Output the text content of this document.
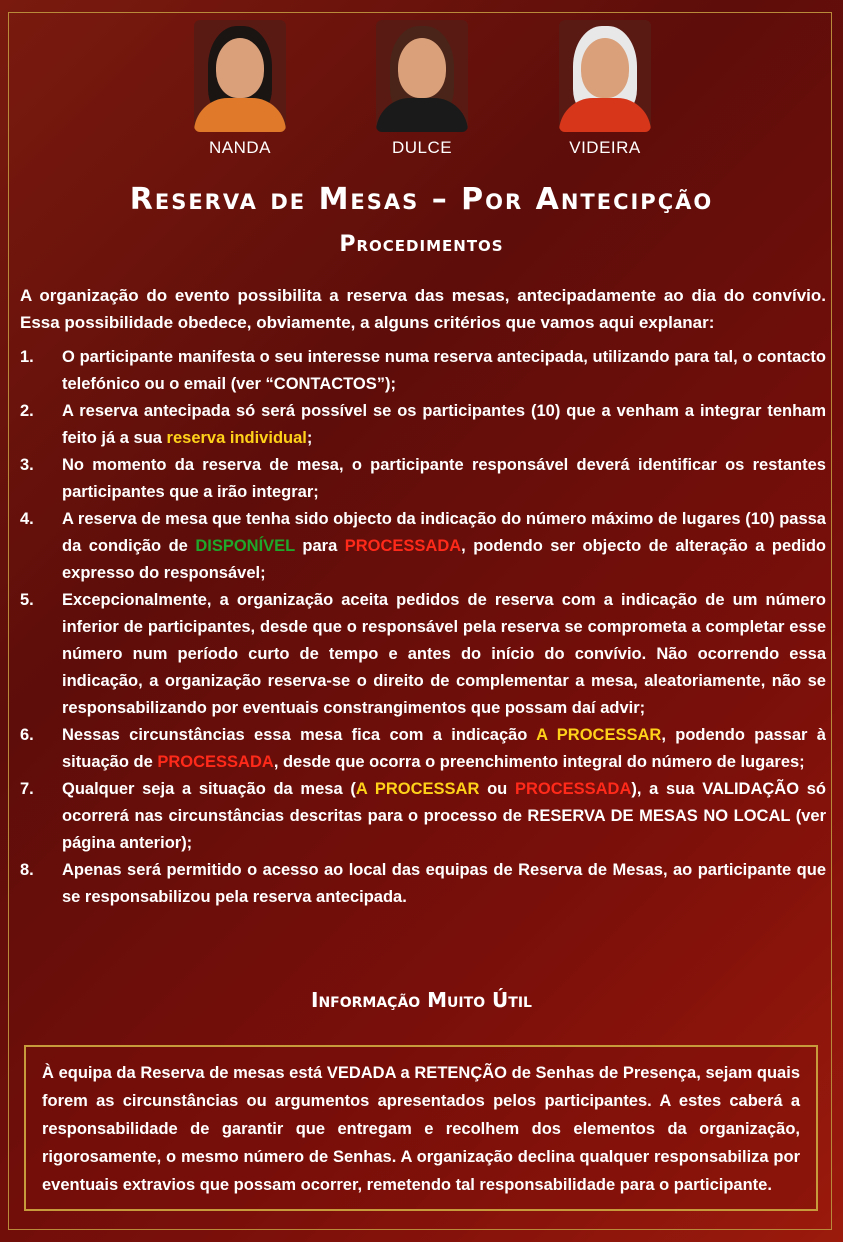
NANDA	DULCE	VIDEIRA
Reserva de Mesas – Por Antecipção
Procedimentos
A organização do evento possibilita a reserva das mesas, antecipadamente ao dia do convívio. Essa possibilidade obedece, obviamente, a alguns critérios que vamos aqui explanar:
1. O participante manifesta o seu interesse numa reserva antecipada, utilizando para tal, o contacto telefónico ou o email (ver “CONTACTOS”);
2. A reserva antecipada só será possível se os participantes (10) que a venham a integrar tenham feito já a sua reserva individual;
3. No momento da reserva de mesa, o participante responsável deverá identificar os restantes participantes que a irão integrar;
4. A reserva de mesa que tenha sido objecto da indicação do número máximo de lugares (10) passa da condição de DISPONÍVEL para PROCESSADA, podendo ser objecto de alteração a pedido expresso do responsável;
5. Excepcionalmente, a organização aceita pedidos de reserva com a indicação de um número inferior de participantes, desde que o responsável pela reserva se comprometa a completar esse número num período curto de tempo e antes do início do convívio. Não ocorrendo essa indicação, a organização reserva-se o direito de complementar a mesa, aleatoriamente, não se responsabilizando por eventuais constrangimentos que possam daí advir;
6. Nessas circunstâncias essa mesa fica com a indicação A PROCESSAR, podendo passar à situação de PROCESSADA, desde que ocorra o preenchimento integral do número de lugares;
7. Qualquer seja a situação da mesa (A PROCESSAR ou PROCESSADA), a sua VALIDAÇÃO só ocorrerá nas circunstâncias descritas para o processo de RESERVA DE MESAS NO LOCAL (ver página anterior);
8. Apenas será permitido o acesso ao local das equipas de Reserva de Mesas, ao participante que se responsabilizou pela reserva antecipada.
Informação Muito Útil
À equipa da Reserva de mesas está VEDADA a RETENÇÃO de Senhas de Presença, sejam quais forem as circunstâncias ou argumentos apresentados pelos participantes. A estes caberá a responsabilidade de garantir que entregam e recolhem dos elementos da organização, rigorosamente, o mesmo número de Senhas. A organização declina qualquer responsabiliza por eventuais extravios que possam ocorrer, remetendo tal responsabilidade para o participante.
